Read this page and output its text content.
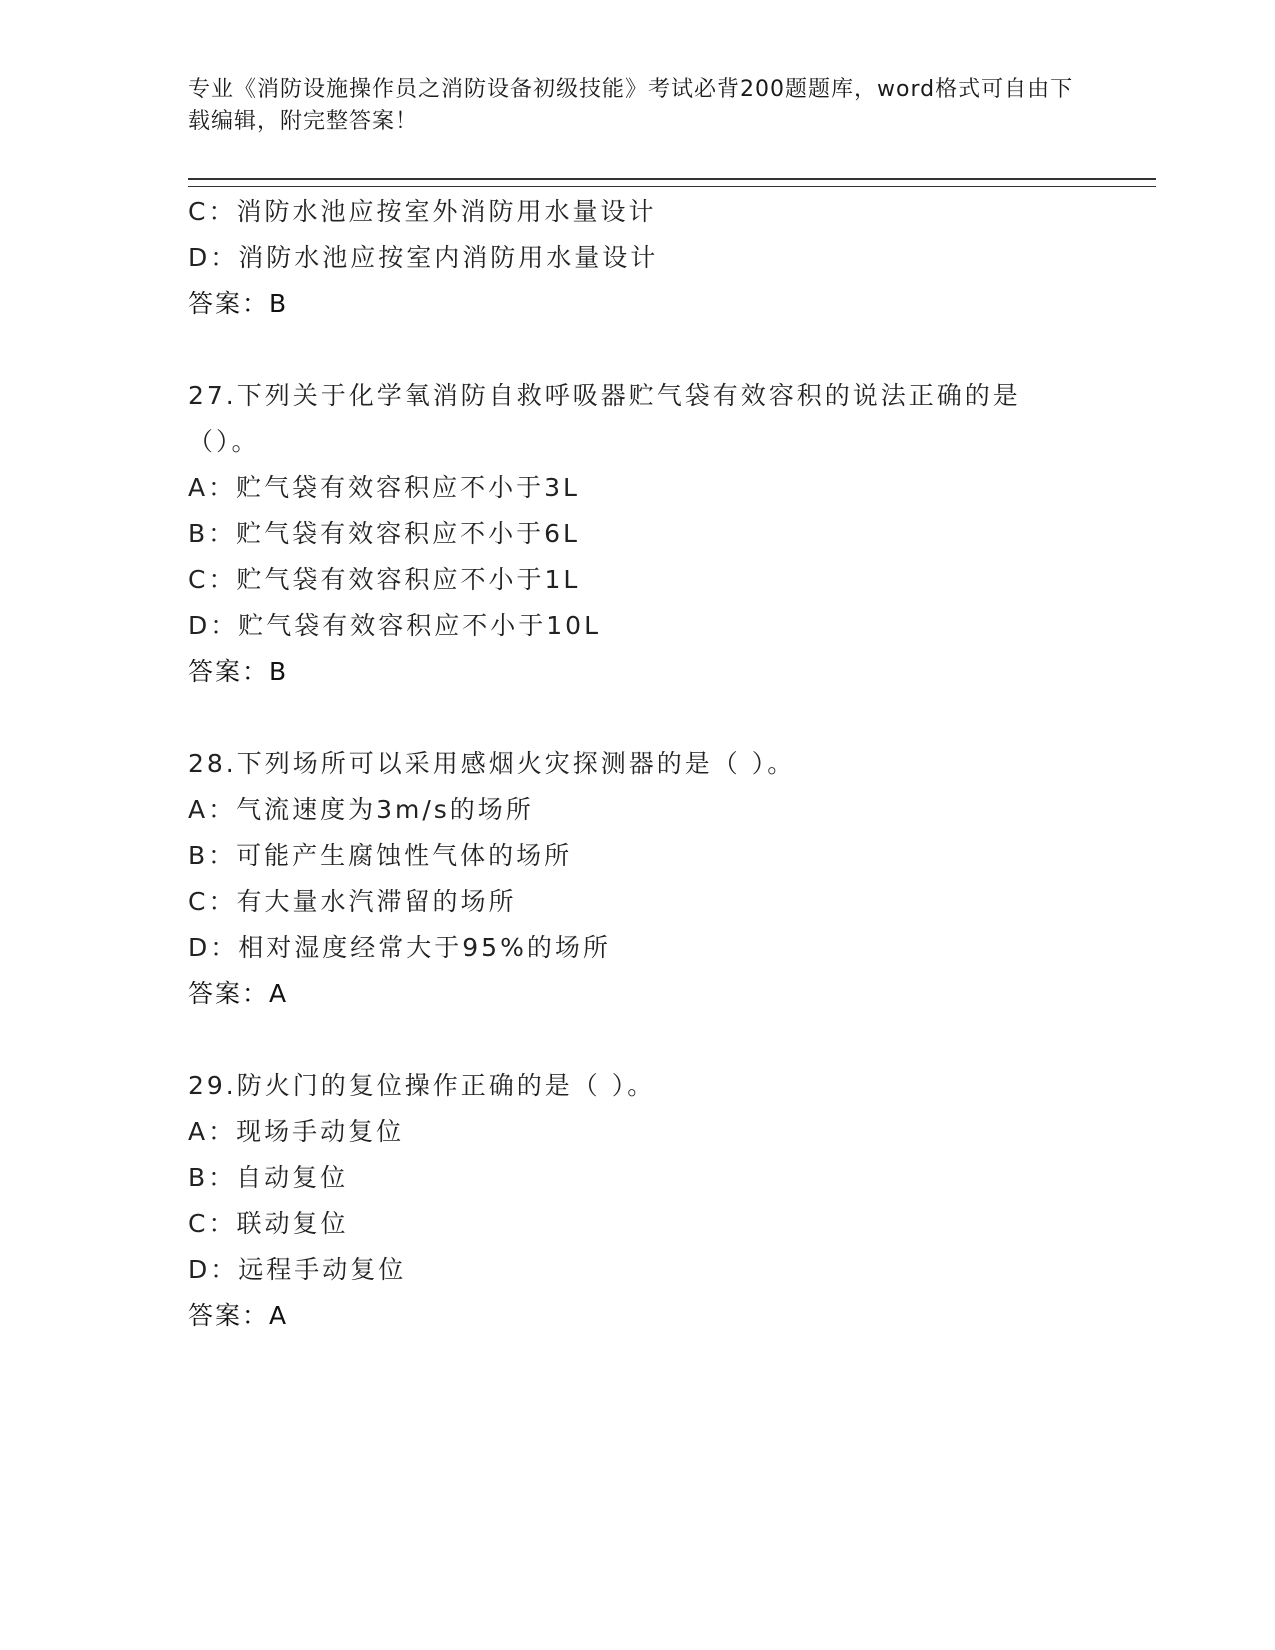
专业《消防设施操作员之消防设备初级技能》考试必背200题题库，word格式可自由下载编辑，附完整答案！
C：消防水池应按室外消防用水量设计
D：消防水池应按室内消防用水量设计
答案：B
27.下列关于化学氧消防自救呼吸器贮气袋有效容积的说法正确的是（）。
A：贮气袋有效容积应不小于3L
B：贮气袋有效容积应不小于6L
C：贮气袋有效容积应不小于1L
D：贮气袋有效容积应不小于10L
答案：B
28.下列场所可以采用感烟火灾探测器的是（ ）。
A：气流速度为3m/s的场所
B：可能产生腐蚀性气体的场所
C：有大量水汽滞留的场所
D：相对湿度经常大于95%的场所
答案：A
29.防火门的复位操作正确的是（ ）。
A：现场手动复位
B：自动复位
C：联动复位
D：远程手动复位
答案：A
